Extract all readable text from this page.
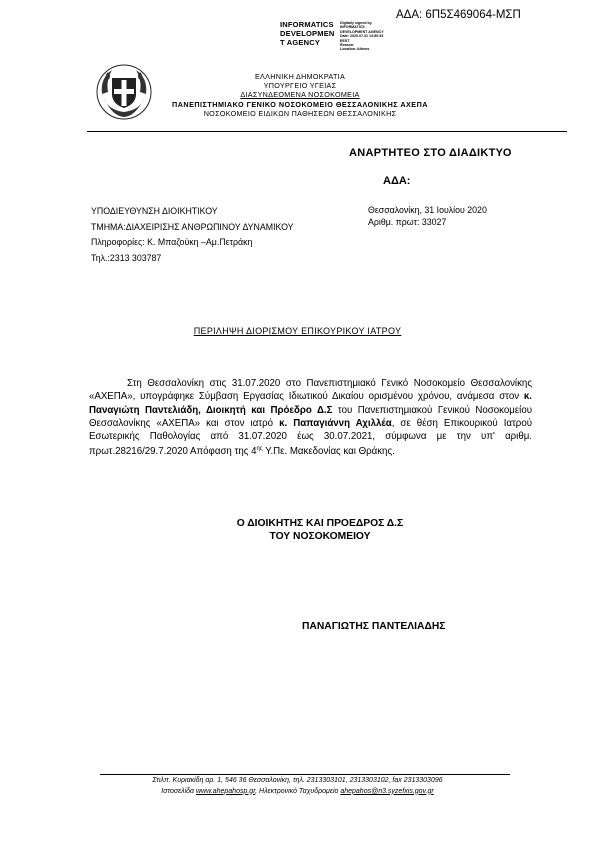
ΑΔΑ: 6Π5Σ469064-ΜΣΠ
INFORMATICS
DEVELOPMEN
T AGENCY
Digitally signed by
INFORMATICS
DEVELOPMENT AGENCY
Date: 2020.07.31 13:50:53
EEST
Reason:
Location: Athens
ΕΛΛΗΝΙΚΗ ΔΗΜΟΚΡΑΤΙΑ
ΥΠΟΥΡΓΕΙΟ ΥΓΕΙΑΣ
ΔΙΑΣΥΝΔΕΟΜΕΝΑ ΝΟΣΟΚΟΜΕΙΑ
ΠΑΝΕΠΙΣΤΗΜΙΑΚΟ ΓΕΝΙΚΟ ΝΟΣΟΚΟΜΕΙΟ ΘΕΣΣΑΛΟΝΙΚΗΣ ΑΧΕΠΑ
ΝΟΣΟΚΟΜΕΙΟ ΕΙΔΙΚΩΝ ΠΑΘΗΣΕΩΝ ΘΕΣΣΑΛΟΝΙΚΗΣ
ΑΝΑΡΤΗΤΕΟ ΣΤΟ ΔΙΑΔΙΚΤΥΟ
ΑΔΑ:
ΥΠΟΔΙΕΥΘΥΝΣΗ ΔΙΟΙΚΗΤΙΚΟΥ
ΤΜΗΜΑ:ΔΙΑΧΕΙΡΙΣΗΣ ΑΝΘΡΩΠΙΝΟΥ ΔΥΝΑΜΙΚΟΥ
Πληροφορίες: Κ. Μπαζούκη –Αμ.Πετράκη
Τηλ.:2313 303787
Θεσσαλονίκη, 31 Ιουλίου 2020
Αριθμ. πρωτ: 33027
ΠΕΡΙΛΗΨΗ ΔΙΟΡΙΣΜΟΥ ΕΠΙΚΟΥΡΙΚΟΥ ΙΑΤΡΟΥ
Στη Θεσσαλονίκη στις 31.07.2020 στο Πανεπιστημιακό Γενικό Νοσοκομείο Θεσσαλονίκης «ΑΧΕΠΑ», υπογράφηκε Σύμβαση Εργασίας Ιδιωτικού Δικαίου ορισμένου χρόνου, ανάμεσα στον κ. Παναγιώτη Παντελιάδη, Διοικητή και Πρόεδρο Δ.Σ του Πανεπιστημιακού Γενικού Νοσοκομείου Θεσσαλονίκης «ΑΧΕΠΑ» και στον ιατρό κ. Παπαγιάννη Αχιλλέα, σε θέση Επικουρικού Ιατρού Εσωτερικής Παθολογίας από 31.07.2020 έως 30.07.2021, σύμφωνα με την υπ' αριθμ. πρωτ.28216/29.7.2020 Απόφαση της $4^{\eta\varsigma}$ Υ.Πε. Μακεδονίας και Θράκης.
Ο ΔΙΟΙΚΗΤΗΣ ΚΑΙ ΠΡΟΕΔΡΟΣ Δ.Σ
ΤΟΥ ΝΟΣΟΚΟΜΕΙΟΥ
ΠΑΝΑΓΙΩΤΗΣ ΠΑΝΤΕΛΙΑΔΗΣ
Στιλπ. Κυριακίδη αρ. 1, 546 36 Θεσσαλονίκη, τηλ. 2313303101, 2313303102, fax 2313303096
Ιστοσελίδα www.ahepahosp.gr, Ηλεκτρονικό Ταχυδρομείο ahepahos@n3.syzefxis.gov.gr
